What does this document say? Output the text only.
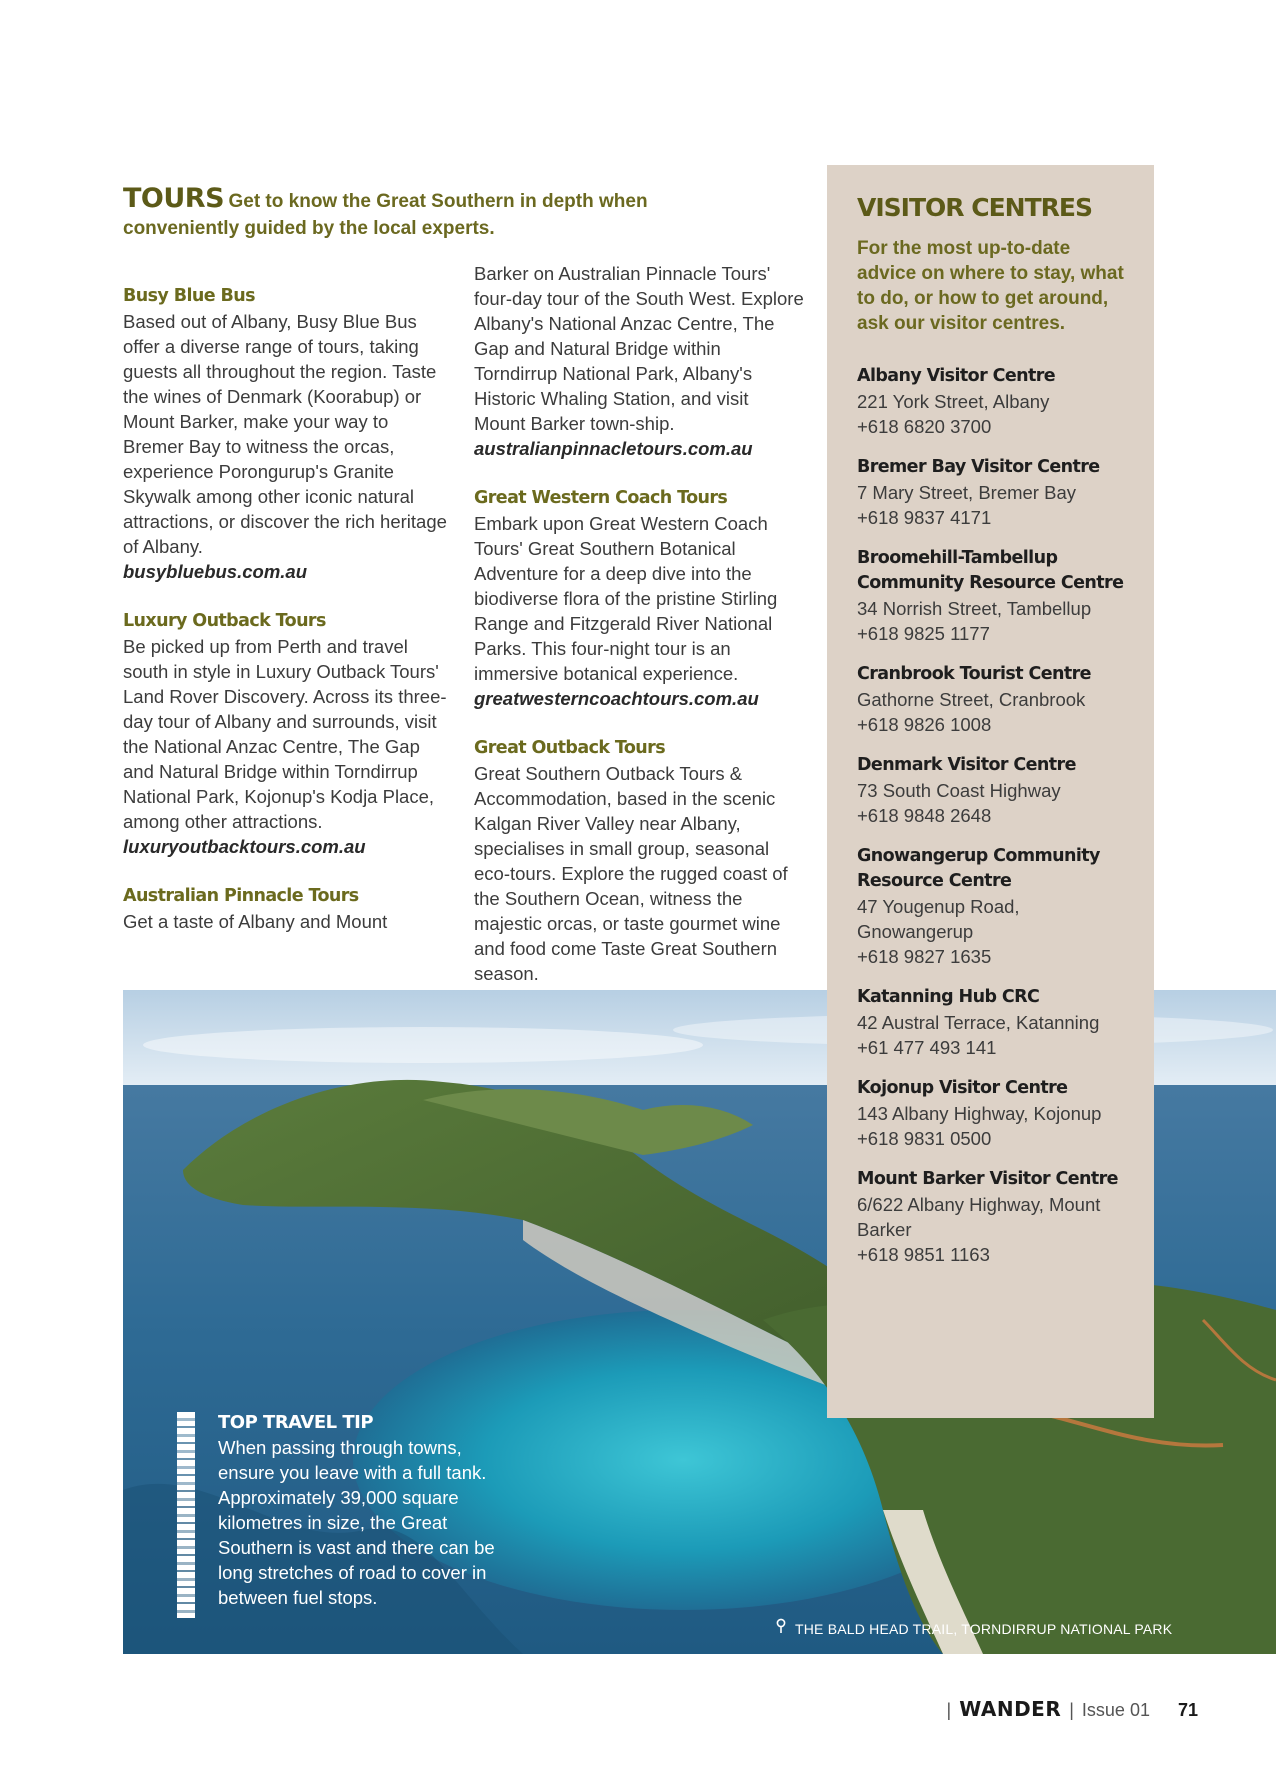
TOURS Get to know the Great Southern in depth when conveniently guided by the local experts.
Busy Blue Bus
Based out of Albany, Busy Blue Bus offer a diverse range of tours, taking guests all throughout the region. Taste the wines of Denmark (Koorabup) or Mount Barker, make your way to Bremer Bay to witness the orcas, experience Porongurup's Granite Skywalk among other iconic natural attractions, or discover the rich heritage of Albany.
busybluebus.com.au
Luxury Outback Tours
Be picked up from Perth and travel south in style in Luxury Outback Tours' Land Rover Discovery. Across its three-day tour of Albany and surrounds, visit the National Anzac Centre, The Gap and Natural Bridge within Torndirrup National Park, Kojonup's Kodja Place, among other attractions.
luxuryoutbacktours.com.au
Australian Pinnacle Tours
Get a taste of Albany and Mount
Barker on Australian Pinnacle Tours' four-day tour of the South West. Explore Albany's National Anzac Centre, The Gap and Natural Bridge within Torndirrup National Park, Albany's Historic Whaling Station, and visit Mount Barker town-ship.
australianpinnacletours.com.au
Great Western Coach Tours
Embark upon Great Western Coach Tours' Great Southern Botanical Adventure for a deep dive into the biodiverse flora of the pristine Stirling Range and Fitzgerald River National Parks. This four-night tour is an immersive botanical experience.
greatwesterncoachtours.com.au
Great Outback Tours
Great Southern Outback Tours & Accommodation, based in the scenic Kalgan River Valley near Albany, specialises in small group, seasonal eco-tours. Explore the rugged coast of the Southern Ocean, witness the majestic orcas, or taste gourmet wine and food come Taste Great Southern season.
VISITOR CENTRES
For the most up-to-date advice on where to stay, what to do, or how to get around, ask our visitor centres.
Albany Visitor Centre
221 York Street, Albany
+618 6820 3700
Bremer Bay Visitor Centre
7 Mary Street, Bremer Bay
+618 9837 4171
Broomehill-Tambellup Community Resource Centre
34 Norrish Street, Tambellup
+618 9825 1177
Cranbrook Tourist Centre
Gathorne Street, Cranbrook
+618 9826 1008
Denmark Visitor Centre
73 South Coast Highway
+618 9848 2648
Gnowangerup Community Resource Centre
47 Yougenup Road, Gnowangerup
+618 9827 1635
Katanning Hub CRC
42 Austral Terrace, Katanning
+61 477 493 141
Kojonup Visitor Centre
143 Albany Highway, Kojonup
+618 9831 0500
Mount Barker Visitor Centre
6/622 Albany Highway, Mount Barker
+618 9851 1163
TOP TRAVEL TIP
When passing through towns, ensure you leave with a full tank. Approximately 39,000 square kilometres in size, the Great Southern is vast and there can be long stretches of road to cover in between fuel stops.
THE BALD HEAD TRAIL, TORNDIRRUP NATIONAL PARK
| WANDER | Issue 01 71
